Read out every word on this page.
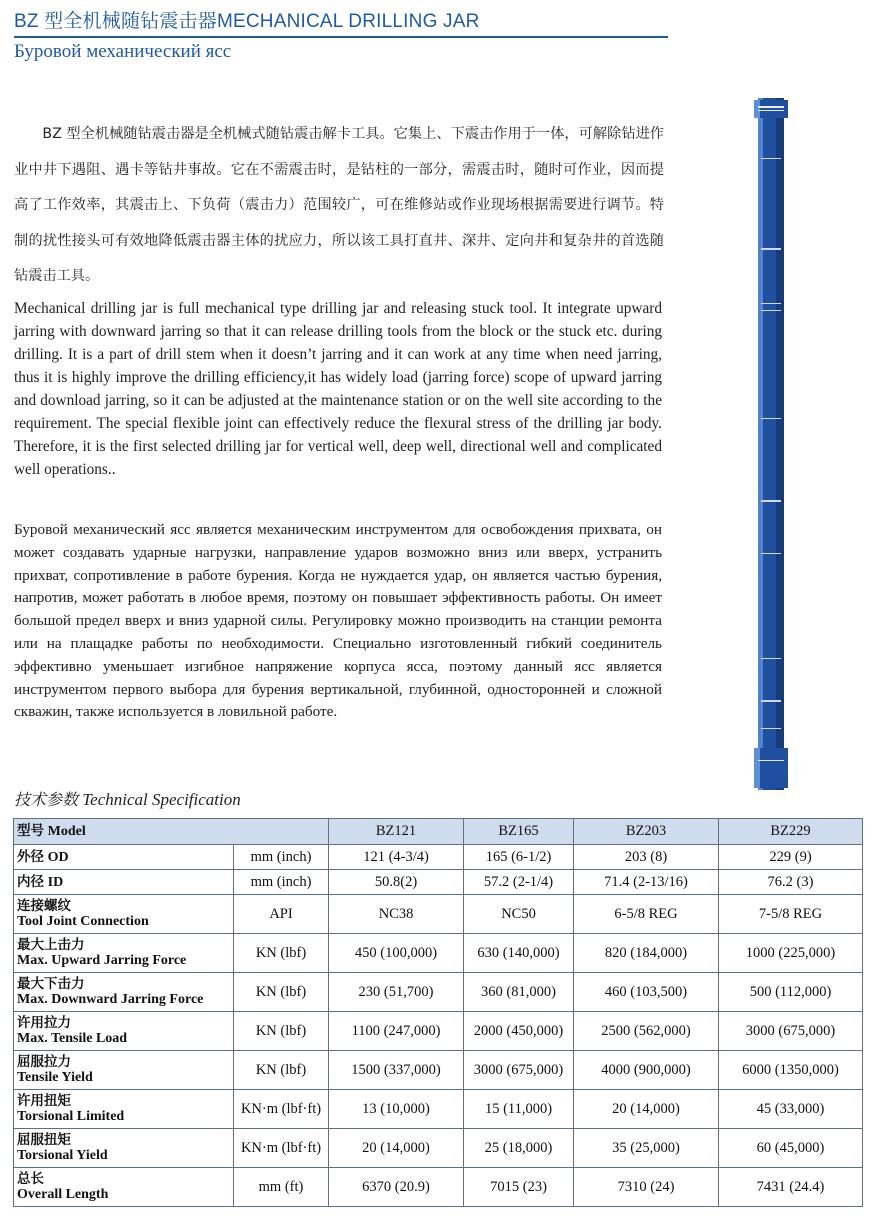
BZ 型全机械随钻震击器MECHANICAL DRILLING JAR
Буровой механический ясс

BZ 型全机械随钻震击器是全机械式随钻震击解卡工具。它集上、下震击作用于一体，可解除钻进作业中井下遇阻、遇卡等钻井事故。它在不需震击时，是钻柱的一部分，需震击时，随时可作业，因而提高了工作效率，其震击上、下负荷（震击力）范围较广，可在维修站或作业现场根据需要进行调节。特制的扰性接头可有效地降低震击器主体的扰应力，所以该工具打直井、深井、定向井和复杂井的首选随钻震击工具。

Mechanical drilling jar is full mechanical type drilling jar and releasing stuck tool. It integrate upward jarring with downward jarring so that it can release drilling tools from the block or the stuck etc. during drilling. It is a part of drill stem when it doesn’t jarring and it can work at any time when need jarring, thus it is highly improve the drilling efficiency,it has widely load (jarring force) scope of upward jarring and download jarring, so it can be adjusted at the maintenance station or on the well site according to the requirement. The special flexible joint can effectively reduce the flexural stress of the drilling jar body. Therefore, it is the first selected drilling jar for vertical well, deep well, directional well and complicated well operations..

Буровой механический ясс является механическим инструментом для освобождения прихвата, он может создавать ударные нагрузки, направление ударов возможно вниз или вверх, устранить прихват, сопротивление в работе бурения. Когда не нуждается удар, он является частью бурения, напротив, может работать в любое время, поэтому он повышает эффективность работы. Он имеет большой предел вверх и вниз ударной силы. Регулировку можно производить на станции ремонта или на плащадке работы по необходимости. Специально изготовленный гибкий соединитель эффективно уменьшает изгибное напряжение корпуса ясса, поэтому данный ясс является инструментом первого выбора для бурения вертикальной, глубинной, односторонней и сложной скважин, также используется в ловильной работе.

技术参数 Technical Specification
型号 Model		BZ121	BZ165	BZ203	BZ229
外径 OD	mm (inch)	121 (4-3/4)	165 (6-1/2)	203 (8)	229 (9)
内径 ID	mm (inch)	50.8(2)	57.2 (2-1/4)	71.4 (2-13/16)	76.2 (3)

连接螺纹
Tool Joint Connection	API	NC38	NC50	6-5/8 REG	7-5/8 REG

最大上击力
Max. Upward Jarring Force	KN (lbf)	450 (100,000)	630 (140,000)	820 (184,000)	1000 (225,000)

最大下击力
Max. Downward Jarring Force	KN (lbf)	230 (51,700)	360 (81,000)	460 (103,500)	500 (112,000)

许用拉力
Max. Tensile Load	KN (lbf)	1100 (247,000)	2000 (450,000)	2500 (562,000)	3000 (675,000)

屈服拉力
Tensile Yield	KN (lbf)	1500 (337,000)	3000 (675,000)	4000 (900,000)	6000 (1350,000)

许用扭矩
Torsional Limited	KN·m (lbf·ft)	13 (10,000)	15 (11,000)	20 (14,000)	45 (33,000)

屈服扭矩
Torsional Yield	KN·m (lbf·ft)	20 (14,000)	25 (18,000)	35 (25,000)	60 (45,000)

总长
Overall Length	mm (ft)	6370 (20.9)	7015 (23)	7310 (24)	7431 (24.4)
